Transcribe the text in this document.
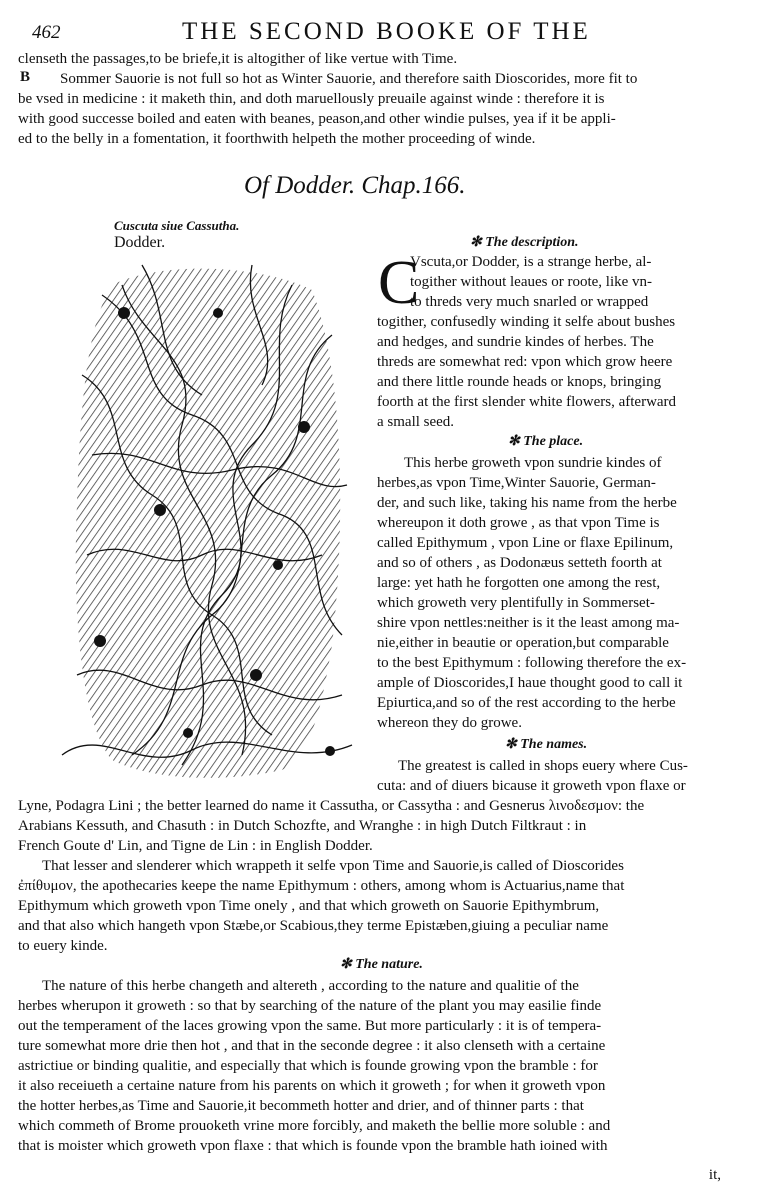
462	THE SECOND BOOKE OF THE

clenseth the passages,to be briefe,it is altogither of like vertue with Time.

Sommer Sauorie is not full so hot as Winter Sauorie, and therefore saith Dioscorides, more fit to

be vsed in medicine : it maketh thin, and doth maruellously preuaile against winde : therefore it is

with good successe boiled and eaten with beanes, peason,and other windie pulses, yea if it be appli-

ed to the belly in a fomentation, it foorthwith helpeth the mother proceeding of winde.

B
Of Dodder. Chap.166.
Cuscuta siue Cassutha.
Dodder.	✻ The description.
C
Vscuta,or Dodder, is a strange herbe, al-
togither without leaues or roote, like vn-
to threds very much snarled or wrapped
togither, confusedly winding it selfe about bushes
and hedges, and sundrie kindes of herbes. The
threds are somewhat red: vpon which grow heere
and there little rounde heads or knops, bringing
foorth at the first slender white flowers, afterward
a small seed.
✻ The place.
This herbe groweth vpon sundrie kindes of
herbes,as vpon Time,Winter Sauorie, German-
der, and such like, taking his name from the herbe
whereupon it doth growe , as that vpon Time is
called Epithymum , vpon Line or flaxe Epilinum,
and so of others , as Dodonæus setteth foorth at
large: yet hath he forgotten one among the rest,
which groweth very plentifully in Sommerset-
shire vpon nettles:neither is it the least among ma-
nie,either in beautie or operation,but comparable
to the best Epithymum : following therefore the ex-
ample of Dioscorides,I haue thought good to call it
Epiurtica,and so of the rest according to the herbe
whereon they do growe.
✻ The names.
The greatest is called in shops euery where Cus-
cuta: and of diuers bicause it groweth vpon flaxe or

Lyne, Podagra Lini ; the better learned do name it Cassutha, or Cassytha : and Gesnerus λινοδεσμον: the

Arabians Kessuth, and Chasuth : in Dutch Schozfte, and Wranghe : in high Dutch Filtkraut : in

French Goute d' Lin, and Tigne de Lin : in English Dodder.

That lesser and slenderer which wrappeth it selfe vpon Time and Sauorie,is called of Dioscorides

ἐπίθυμον, the apothecaries keepe the name Epithymum : others, among whom is Actuarius,name that

Epithymum which groweth vpon Time onely , and that which groweth on Sauorie Epithymbrum,

and that also which hangeth vpon Stæbe,or Scabious,they terme Epistæben,giuing a peculiar name

to euery kinde.

✻ The nature.

The nature of this herbe changeth and altereth , according to the nature and qualitie of the

herbes wherupon it groweth : so that by searching of the nature of the plant you may easilie finde

out the temperament of the laces growing vpon the same. But more particularly : it is of tempera-

ture somewhat more drie then hot , and that in the seconde degree : it also clenseth with a certaine

astrictiue or binding qualitie, and especially that which is founde growing vpon the bramble : for

it also receiueth a certaine nature from his parents on which it groweth ; for when it groweth vpon

the hotter herbes,as Time and Sauorie,it becommeth hotter and drier, and of thinner parts : that

which commeth of Brome prouoketh vrine more forcibly, and maketh the bellie more soluble : and

that is moister which groweth vpon flaxe : that which is founde vpon the bramble hath ioined with

it,
